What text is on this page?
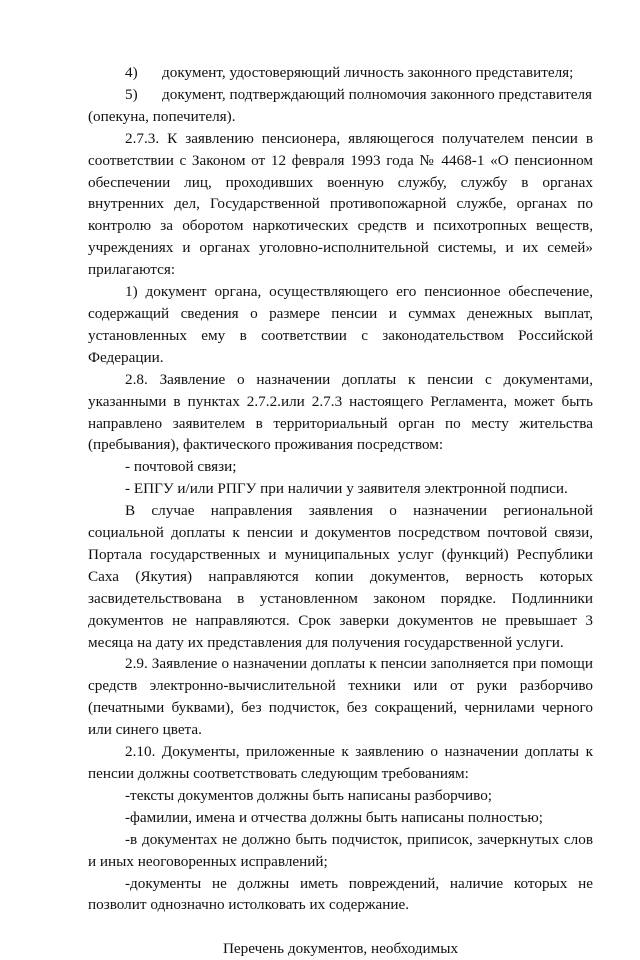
4)	документ, удостоверяющий личность законного представителя;
5)	документ, подтверждающий полномочия законного представителя

(опекуна, попечителя).

2.7.3. К заявлению пенсионера, являющегося получателем пенсии в соответствии с Законом от 12 февраля 1993 года № 4468-1 «О пенсионном обеспечении лиц, проходивших военную службу, службу в органах внутренних дел, Государственной противопожарной службе, органах по контролю за оборотом наркотических средств и психотропных веществ, учреждениях и органах уголовно-исполнительной системы, и их семей» прилагаются:

1) документ органа, осуществляющего его пенсионное обеспечение, содержащий сведения о размере пенсии и суммах денежных выплат, установленных ему в соответствии с законодательством Российской Федерации.

2.8. Заявление о назначении доплаты к пенсии с документами, указанными в пунктах 2.7.2.или 2.7.3 настоящего Регламента, может быть направлено заявителем в территориальный орган по месту жительства (пребывания), фактического проживания посредством:

- почтовой связи;

- ЕПГУ и/или РПГУ при наличии у заявителя электронной подписи.

В случае направления заявления о назначении региональной социальной доплаты к пенсии и документов посредством почтовой связи, Портала государственных и муниципальных услуг (функций) Республики Саха (Якутия) направляются копии документов, верность которых засвидетельствована в установленном законом порядке. Подлинники документов не направляются. Срок заверки документов не превышает 3 месяца на дату их представления для получения государственной услуги.

2.9. Заявление о назначении доплаты к пенсии заполняется при помощи средств электронно-вычислительной техники или от руки разборчиво (печатными буквами), без подчисток, без сокращений, чернилами черного или синего цвета.

2.10. Документы, приложенные к заявлению о назначении доплаты к пенсии должны соответствовать следующим требованиям:

-тексты документов должны быть написаны разборчиво;

-фамилии, имена и отчества должны быть написаны полностью;

-в документах не должно быть подчисток, приписок, зачеркнутых слов и иных неоговоренных исправлений;

-документы не должны иметь повреждений, наличие которых не позволит однозначно истолковать их содержание.

Перечень документов, необходимых
